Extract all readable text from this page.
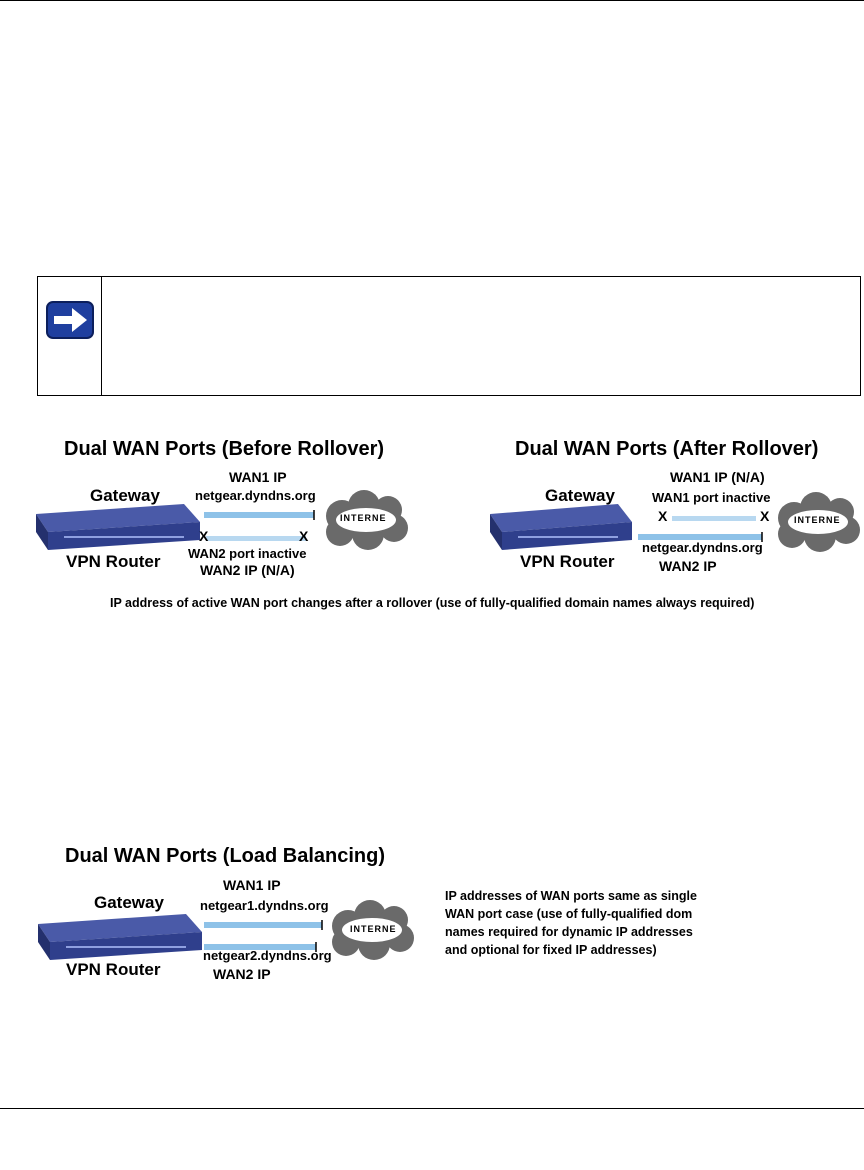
Dual WAN Ports (Before Rollover)
WAN1 IP
netgear.dyndns.org
Gateway
INTERNE
X	X
VPN Router WAN2 port inactive
WAN2 IP (N/A)
Dual WAN Ports (After Rollover)
WAN1 IP (N/A)
WAN1 port inactive
Gateway
INTERNE
X	X
netgear.dyndns.org
VPN Router	WAN2 IP
IP address of active WAN port changes after a rollover (use of fully-qualified domain names always required)
Dual WAN Ports (Load Balancing)
WAN1 IP
netgear1.dyndns.org
Gateway
INTERNE
netgear2.dyndns.org
VPN Router	WAN2 IP
IP addresses of WAN ports same as single
WAN port case (use of fully-qualified dom
names required for dynamic IP addresses
and optional for fixed IP addresses)
